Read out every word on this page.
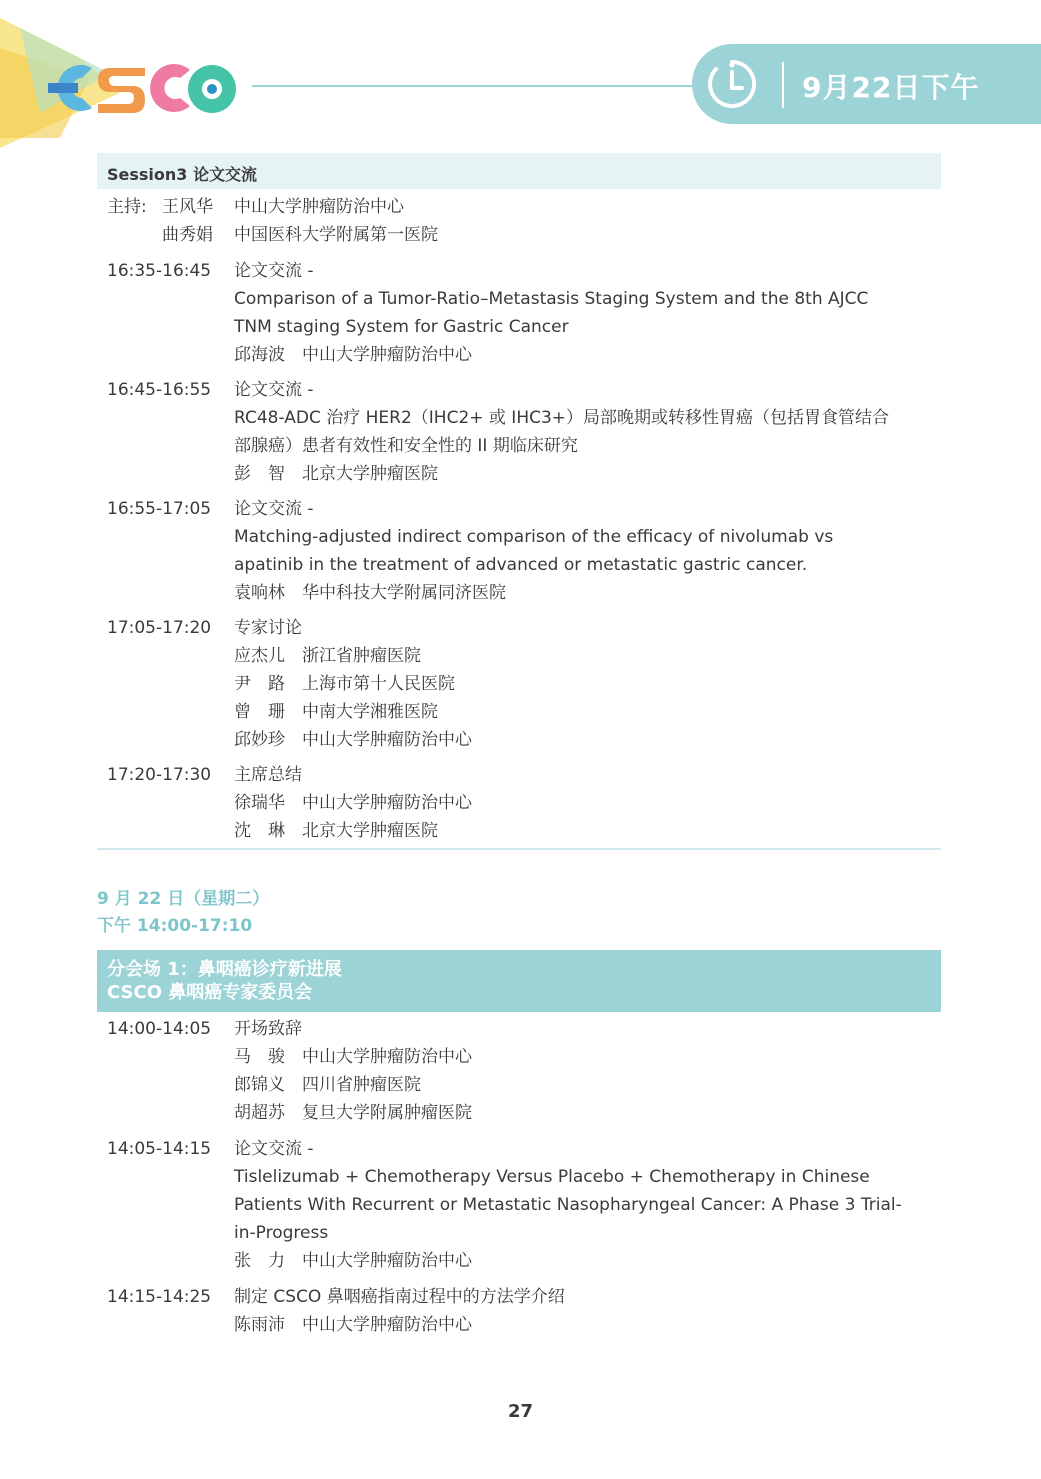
9月22日下午
Session3 论文交流
主持: 王风华 中山大学肿瘤防治中心
曲秀娟 中国医科大学附属第一医院
16:35-16:45 论文交流 -
Comparison of a Tumor-Ratio–Metastasis Staging System and the 8th AJCC
TNM staging System for Gastric Cancer
邱海波　中山大学肿瘤防治中心
16:45-16:55 论文交流 -
RC48-ADC 治疗 HER2（IHC2+ 或 IHC3+）局部晚期或转移性胃癌（包括胃食管结合
部腺癌）患者有效性和安全性的 II 期临床研究
彭　智　北京大学肿瘤医院
16:55-17:05 论文交流 -
Matching-adjusted indirect comparison of the efficacy of nivolumab vs
apatinib in the treatment of advanced or metastatic gastric cancer.
袁响林　华中科技大学附属同济医院
17:05-17:20 专家讨论
应杰儿　浙江省肿瘤医院
尹　路　上海市第十人民医院
曾　珊　中南大学湘雅医院
邱妙珍　中山大学肿瘤防治中心
17:20-17:30 主席总结
徐瑞华　中山大学肿瘤防治中心
沈　琳　北京大学肿瘤医院
9 月 22 日（星期二）
下午 14:00-17:10
分会场 1：鼻咽癌诊疗新进展
CSCO 鼻咽癌专家委员会
14:00-14:05 开场致辞
马　骏　中山大学肿瘤防治中心
郎锦义　四川省肿瘤医院
胡超苏　复旦大学附属肿瘤医院
14:05-14:15 论文交流 -
Tislelizumab + Chemotherapy Versus Placebo + Chemotherapy in Chinese
Patients With Recurrent or Metastatic Nasopharyngeal Cancer: A Phase 3 Trial-
in-Progress
张　力　中山大学肿瘤防治中心
14:15-14:25 制定 CSCO 鼻咽癌指南过程中的方法学介绍
陈雨沛　中山大学肿瘤防治中心
27
